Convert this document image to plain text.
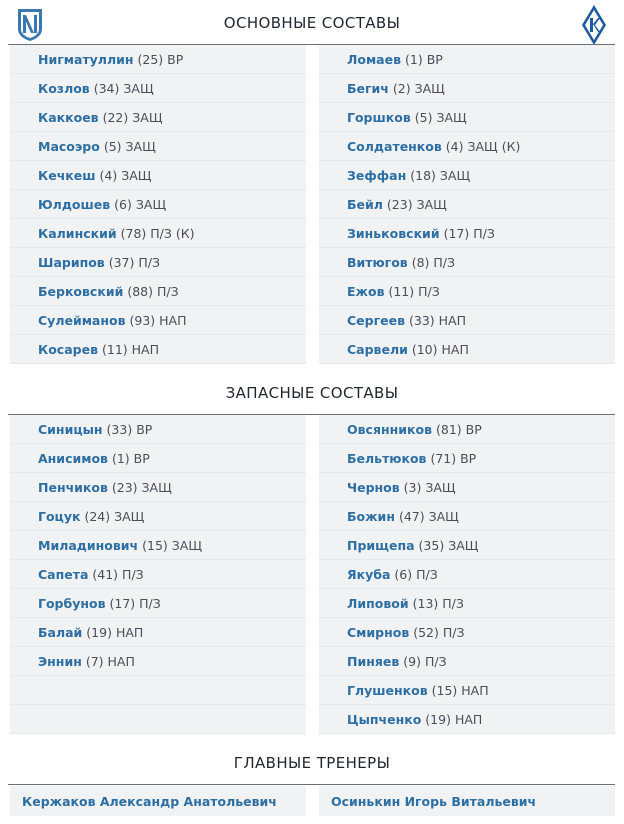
ОСНОВНЫЕ СОСТАВЫ
Нигматуллин
(25)
ВР
Козлов
(34)
ЗАЩ
Каккоев
(22)
ЗАЩ
Масоэро
(5)
ЗАЩ
Кечкеш
(4)
ЗАЩ
Юлдошев
(6)
ЗАЩ
Калинский
(78)
П/З (К)
Шарипов
(37)
П/З
Берковский
(88)
П/З
Сулейманов
(93)
НАП
Косарев
(11)
НАП
Ломаев
(1)
ВР
Бегич
(2)
ЗАЩ
Горшков
(5)
ЗАЩ
Солдатенков
(4)
ЗАЩ (К)
Зеффан
(18)
ЗАЩ
Бейл
(23)
ЗАЩ
Зиньковский
(17)
П/З
Витюгов
(8)
П/З
Ежов
(11)
П/З
Сергеев
(33)
НАП
Сарвели
(10)
НАП
ЗАПАСНЫЕ СОСТАВЫ
Синицын
(33)
ВР
Анисимов
(1)
ВР
Пенчиков
(23)
ЗАЩ
Гоцук
(24)
ЗАЩ
Миладинович
(15)
ЗАЩ
Сапета
(41)
П/З
Горбунов
(17)
П/З
Балай
(19)
НАП
Эннин
(7)
НАП
Овсянников
(81)
ВР
Бельтюков
(71)
ВР
Чернов
(3)
ЗАЩ
Божин
(47)
ЗАЩ
Прищепа
(35)
ЗАЩ
Якуба
(6)
П/З
Липовой
(13)
П/З
Смирнов
(52)
П/З
Пиняев
(9)
П/З
Глушенков
(15)
НАП
Цыпченко
(19)
НАП
ГЛАВНЫЕ ТРЕНЕРЫ
Кержаков Александр Анатольевич	Осинькин Игорь Витальевич
